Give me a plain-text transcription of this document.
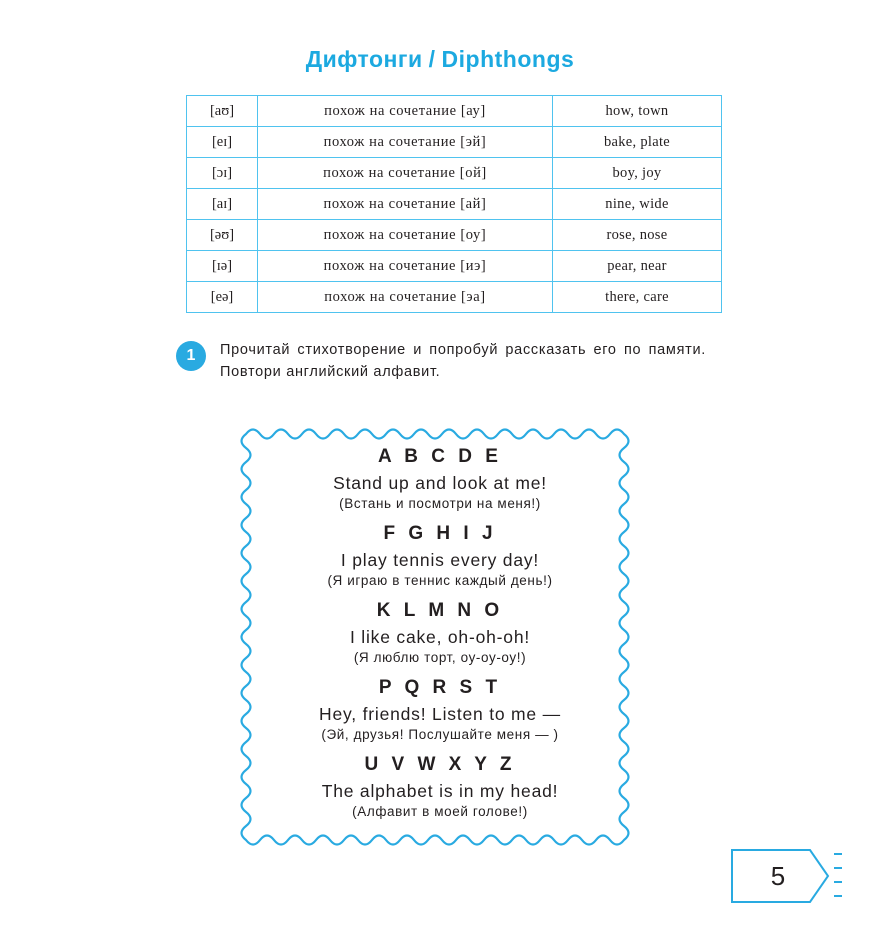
Дифтонги / Diphthongs
[aʊ]	похож на сочетание [ау]	how, town
[eɪ]	похож на сочетание [эй]	bake, plate
[ɔɪ]	похож на сочетание [ой]	boy, joy
[aɪ]	похож на сочетание [ай]	nine, wide
[əʊ]	похож на сочетание [оу]	rose, nose
[ɪə]	похож на сочетание [иэ]	pear, near
[eə]	похож на сочетание [эа]	there, care
1	Прочитай стихотворение и попробуй рассказать его по памяти. Повтори английский алфавит.
A B C D E
Stand up and look at me!
(Встань и посмотри на меня!)
F G H I J
I play tennis every day!
(Я играю в теннис каждый день!)
K L M N O
I like cake, oh-oh-oh!
(Я люблю торт, оу-оу-оу!)
P Q R S T
Hey, friends! Listen to me —
(Эй, друзья! Послушайте меня — )
U V W X Y Z
The alphabet is in my head!
(Алфавит в моей голове!)
5
